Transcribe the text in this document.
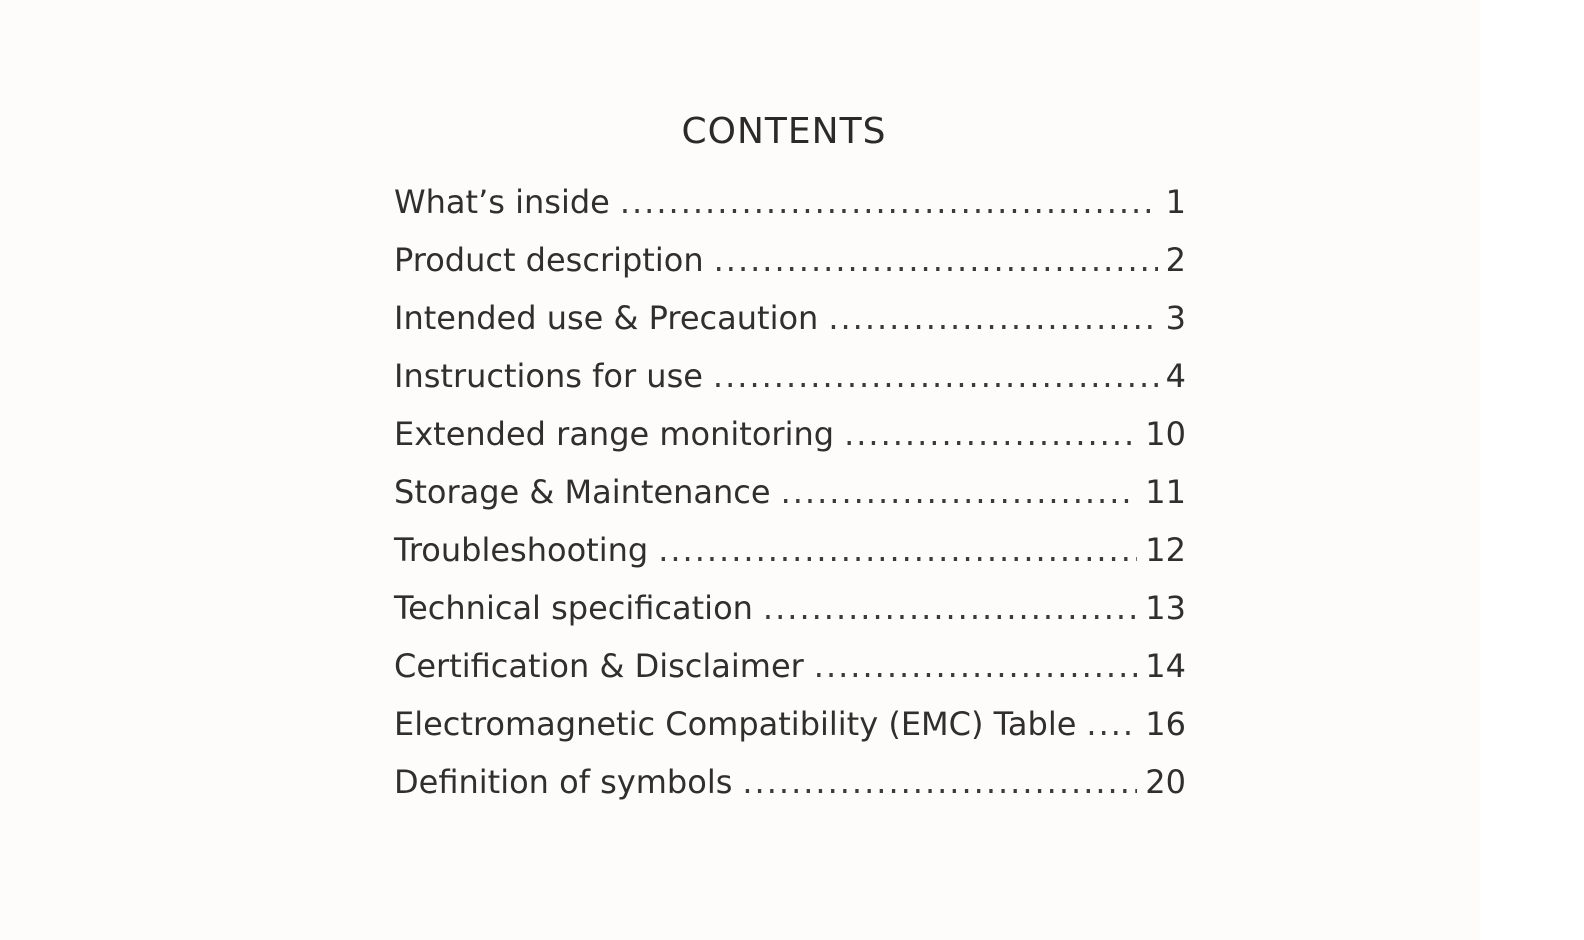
CONTENTS
What’s inside .....	1
Product description .....	2
Intended use & Precaution .....	3
Instructions for use .....	4
Extended range monitoring .....	10
Storage & Maintenance .....	11
Troubleshooting .....	12
Technical specification .....	13
Certification & Disclaimer .....	14
Electromagnetic Compatibility (EMC) Table ..... 16
Definition of symbols .....	20
